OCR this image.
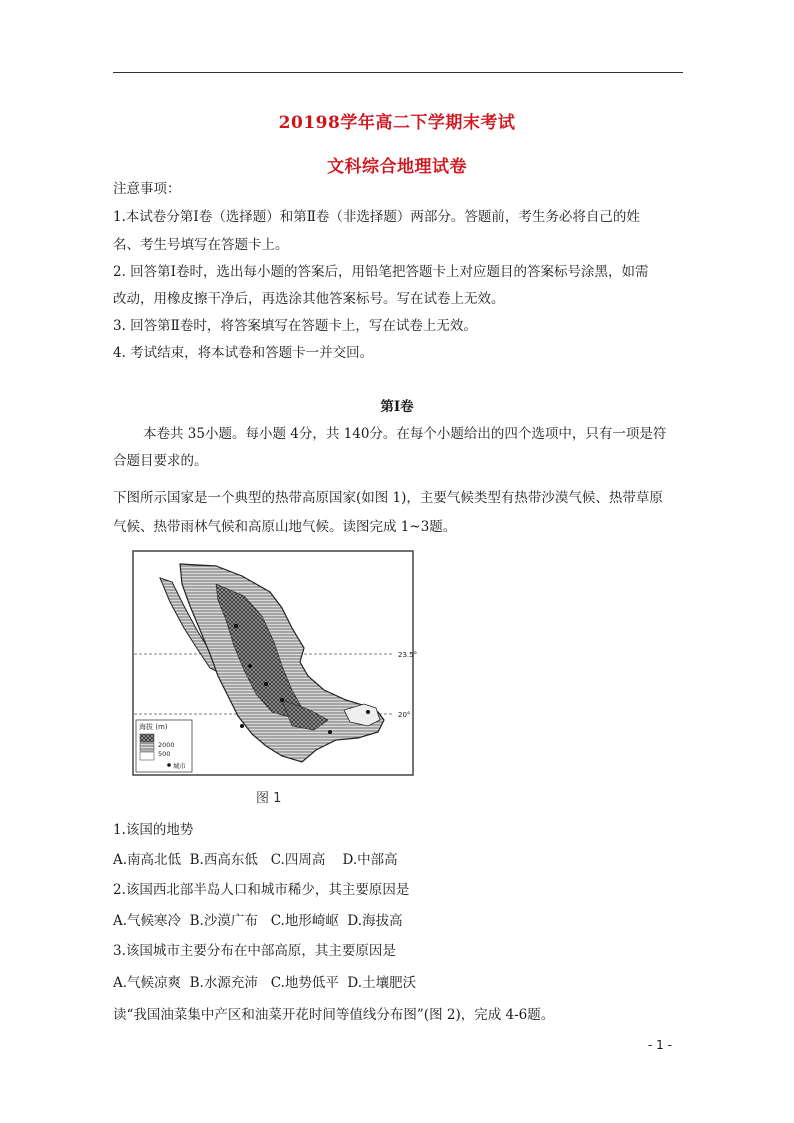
20198学年高二下学期末考试
文科综合地理试卷
注意事项：
1.本试卷分第Ⅰ卷（选择题）和第Ⅱ卷（非选择题）两部分。答题前，考生务必将自己的姓
名、考生号填写在答题卡上。
2. 回答第Ⅰ卷时，选出每小题的答案后，用铅笔把答题卡上对应题目的答案标号涂黑，如需
改动，用橡皮擦干净后，再选涂其他答案标号。写在试卷上无效。
3. 回答第Ⅱ卷时，将答案填写在答题卡上，写在试卷上无效。
4. 考试结束，将本试卷和答题卡一并交回。
第Ⅰ卷
本卷共 35小题。每小题 4分，共 140分。在每个小题给出的四个选项中，只有一项是符
合题目要求的。
下图所示国家是一个典型的热带高原国家(如图 1)，主要气候类型有热带沙漠气候、热带草原
气候、热带雨林气候和高原山地气候。读图完成 1~3题。
23.5°
20°
海拔 (m)
2000
500
城市
图 1
1.该国的地势
A.南高北低  B.西高东低   C.四周高    D.中部高
2.该国西北部半岛人口和城市稀少，其主要原因是
A.气候寒冷  B.沙漠广布   C.地形崎岖  D.海拔高
3.该国城市主要分布在中部高原，其主要原因是
A.气候凉爽  B.水源充沛   C.地势低平  D.土壤肥沃
读“我国油菜集中产区和油菜开花时间等值线分布图”(图 2)，完成 4-6题。
- 1 -
